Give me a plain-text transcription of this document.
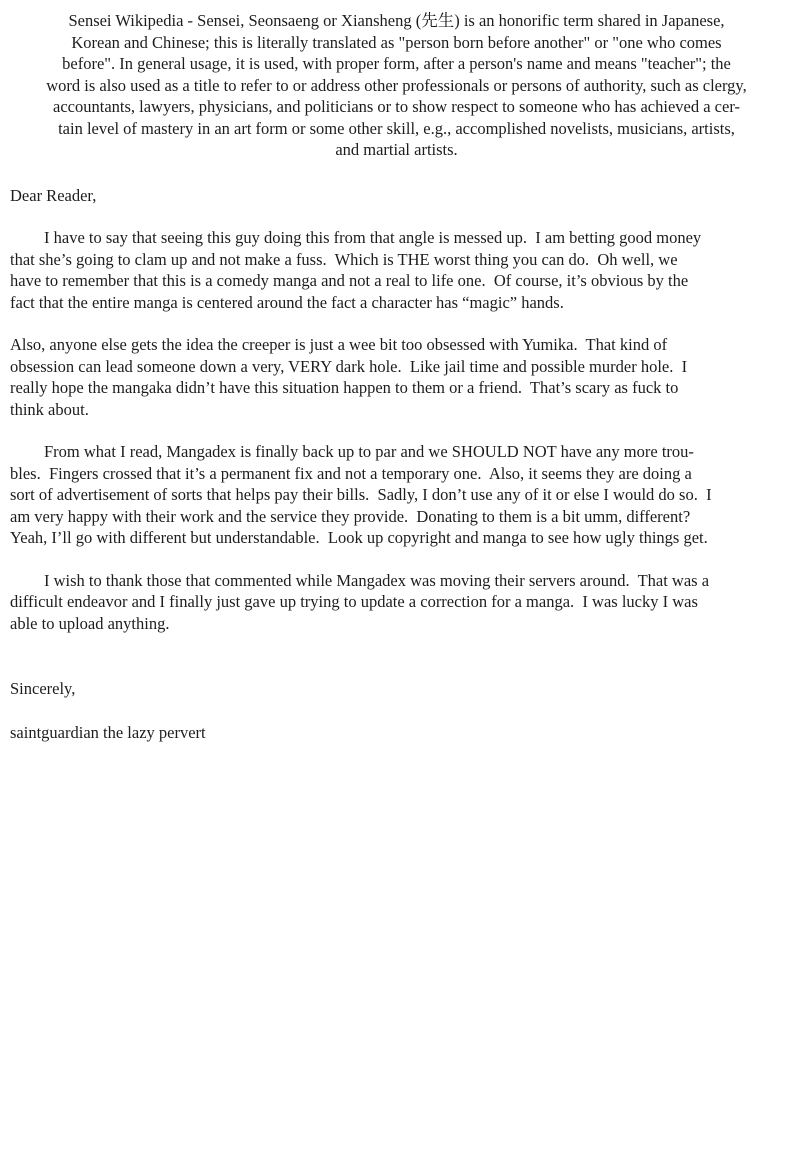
Sensei Wikipedia - Sensei, Seonsaeng or Xiansheng (先生) is an honorific term shared in Japanese,
Korean and Chinese; this is literally translated as "person born before another" or "one who comes
before". In general usage, it is used, with proper form, after a person's name and means "teacher"; the
word is also used as a title to refer to or address other professionals or persons of authority, such as clergy,
accountants, lawyers, physicians, and politicians or to show respect to someone who has achieved a cer-
tain level of mastery in an art form or some other skill, e.g., accomplished novelists, musicians, artists,
and martial artists.
Dear Reader,
I have to say that seeing this guy doing this from that angle is messed up.  I am betting good money
that she’s going to clam up and not make a fuss.  Which is THE worst thing you can do.  Oh well, we
have to remember that this is a comedy manga and not a real to life one.  Of course, it’s obvious by the
fact that the entire manga is centered around the fact a character has “magic” hands.
Also, anyone else gets the idea the creeper is just a wee bit too obsessed with Yumika.  That kind of
obsession can lead someone down a very, VERY dark hole.  Like jail time and possible murder hole.  I
really hope the mangaka didn’t have this situation happen to them or a friend.  That’s scary as fuck to
think about.
From what I read, Mangadex is finally back up to par and we SHOULD NOT have any more trou-
bles.  Fingers crossed that it’s a permanent fix and not a temporary one.  Also, it seems they are doing a
sort of advertisement of sorts that helps pay their bills.  Sadly, I don’t use any of it or else I would do so.  I
am very happy with their work and the service they provide.  Donating to them is a bit umm, different?
Yeah, I’ll go with different but understandable.  Look up copyright and manga to see how ugly things get.
I wish to thank those that commented while Mangadex was moving their servers around.  That was a
difficult endeavor and I finally just gave up trying to update a correction for a manga.  I was lucky I was
able to upload anything.
Sincerely,
saintguardian the lazy pervert
